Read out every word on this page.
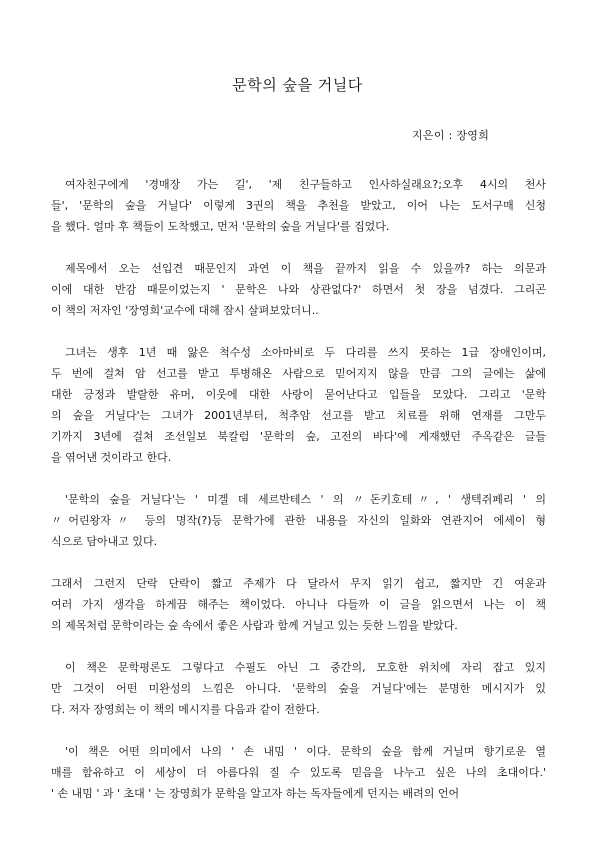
문학의 숲을 거닐다
지은이 : 장영희
여자친구에게 '경매장 가는 길', '제 친구들하고 인사하실래요?;오후 4시의 천사
들', '문학의 숲을 거닐다' 이렇게 3권의 책을 추천을 받았고, 이어 나는 도서구매 신청
을 했다. 얼마 후 책들이 도착했고, 먼저 '문학의 숲을 거닐다'를 집었다.
제목에서 오는 선입견 때문인지 과연 이 책을 끝까지 읽을 수 있을까? 하는 의문과
이에 대한 반감 때문이었는지 ' 문학은 나와 상관없다?' 하면서 첫 장을 넘겼다. 그리곤
이 책의 저자인 '장영희'교수에 대해 잠시 살펴보았더니..
그녀는 생후 1년 때 앓은 척수성 소아마비로 두 다리를 쓰지 못하는 1급 장애인이며,
두 번에 걸쳐 암 선고를 받고 투병해온 사람으로 믿어지지 않을 만큼 그의 글에는 삶에
대한 긍정과 발랄한 유머, 이웃에 대한 사랑이 묻어난다고 입들을 모았다. 그리고 '문학
의 숲을 거닐다'는 그녀가 2001년부터, 척추암 선고를 받고 치료를 위해 연재를 그만두
기까지 3년에 걸쳐 조선일보 북칼럼 '문학의 숲, 고전의 바다'에 게재했던 주옥같은 글들
을 엮어낸 것이라고 한다.
'문학의 숲을 거닐다'는 ' 미겔 데 세르반테스 ' 의 〃돈키호테〃, ' 생텍쥐페리 ' 의
〃어린왕자〃 등의 명작(?)등 문학가에 관한 내용을 자신의 일화와 연관지어 에세이 형
식으로 담아내고 있다.
그래서 그런지 단락 단락이 짧고 주제가 다 달라서 무지 읽기 쉽고, 짧지만 긴 여운과
여러 가지 생각을 하게끔 해주는 책이었다. 아니나 다들까 이 글을 읽으면서 나는 이 책
의 제목처럼 문학이라는 숲 속에서 좋은 사람과 함께 거닐고 있는 듯한 느낌을 받았다.
이 책은 문학평론도 그렇다고 수필도 아닌 그 중간의, 모호한 위치에 자리 잡고 있지
만 그것이 어떤 미완성의 느낌은 아니다. '문학의 숲을 거닐다'에는 분명한 메시지가 있
다. 저자 장영희는 이 책의 메시지를 다음과 같이 전한다.
'이 책은 어떤 의미에서 나의 ' 손 내밈 ' 이다. 문학의 숲을 함께 거닐며 향기로운 열
매를 함유하고 이 세상이 더 아름다워 질 수 있도록 믿음을 나누고 싶은 나의 초대이다.'
' 손 내밈 ' 과 ' 초대 ' 는 장영희가 문학을 알고자 하는 독자들에게 던지는 배려의 언어
